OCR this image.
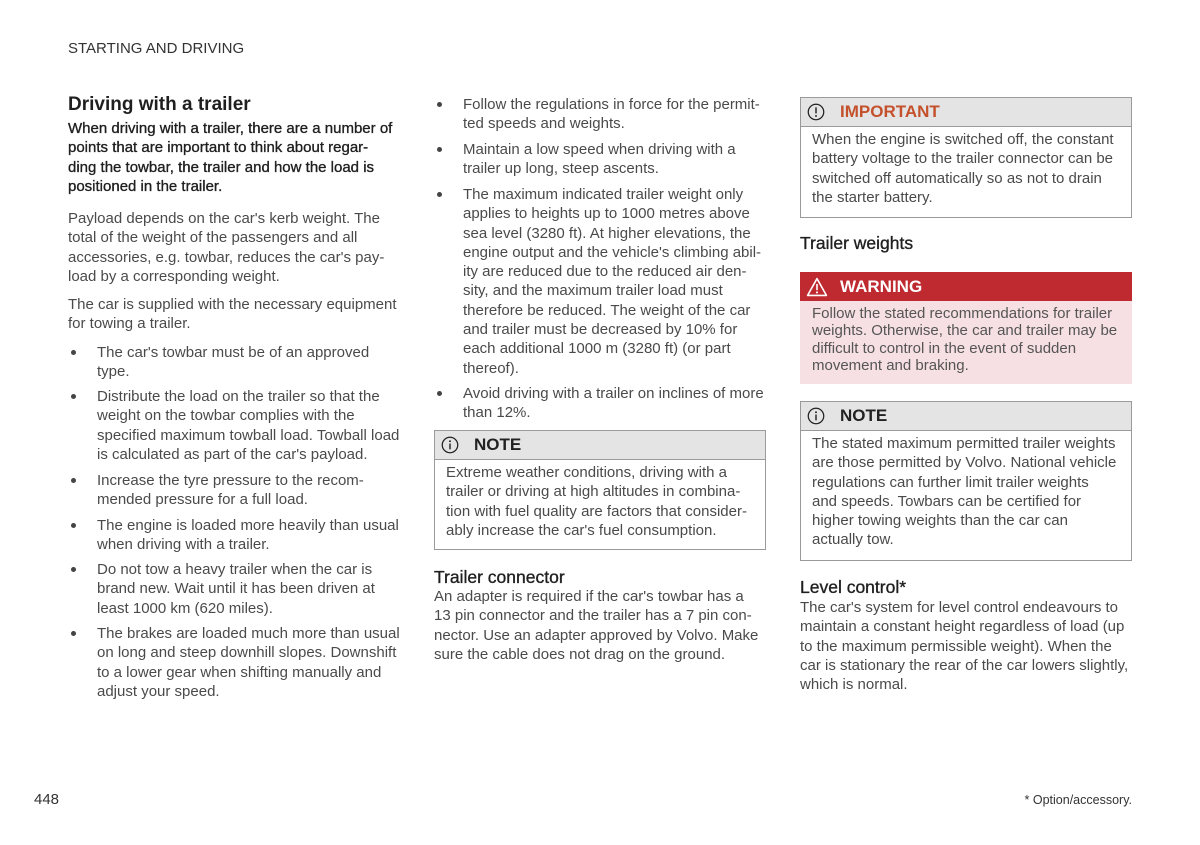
STARTING AND DRIVING
Driving with a trailer
When driving with a trailer, there are a number of
points that are important to think about regar-
ding the towbar, the trailer and how the load is
positioned in the trailer.
Payload depends on the car's kerb weight. The
total of the weight of the passengers and all
accessories, e.g. towbar, reduces the car's pay-
load by a corresponding weight.
The car is supplied with the necessary equipment
for towing a trailer.
The car's towbar must be of an approved
type.
Distribute the load on the trailer so that the
weight on the towbar complies with the
specified maximum towball load. Towball load
is calculated as part of the car's payload.
Increase the tyre pressure to the recom-
mended pressure for a full load.
The engine is loaded more heavily than usual
when driving with a trailer.
Do not tow a heavy trailer when the car is
brand new. Wait until it has been driven at
least 1000 km (620 miles).
The brakes are loaded much more than usual
on long and steep downhill slopes. Downshift
to a lower gear when shifting manually and
adjust your speed.
Follow the regulations in force for the permit-
ted speeds and weights.
Maintain a low speed when driving with a
trailer up long, steep ascents.
The maximum indicated trailer weight only
applies to heights up to 1000 metres above
sea level (3280 ft). At higher elevations, the
engine output and the vehicle's climbing abil-
ity are reduced due to the reduced air den-
sity, and the maximum trailer load must
therefore be reduced. The weight of the car
and trailer must be decreased by 10% for
each additional 1000 m (3280 ft) (or part
thereof).
Avoid driving with a trailer on inclines of more
than 12%.
NOTE
Extreme weather conditions, driving with a
trailer or driving at high altitudes in combina-
tion with fuel quality are factors that consider-
ably increase the car's fuel consumption.
Trailer connector
An adapter is required if the car's towbar has a
13 pin connector and the trailer has a 7 pin con-
nector. Use an adapter approved by Volvo. Make
sure the cable does not drag on the ground.
IMPORTANT
When the engine is switched off, the constant
battery voltage to the trailer connector can be
switched off automatically so as not to drain
the starter battery.
Trailer weights
WARNING
Follow the stated recommendations for trailer
weights. Otherwise, the car and trailer may be
difficult to control in the event of sudden
movement and braking.
NOTE
The stated maximum permitted trailer weights
are those permitted by Volvo. National vehicle
regulations can further limit trailer weights
and speeds. Towbars can be certified for
higher towing weights than the car can
actually tow.
Level control*
The car's system for level control endeavours to
maintain a constant height regardless of load (up
to the maximum permissible weight). When the
car is stationary the rear of the car lowers slightly,
which is normal.
448	* Option/accessory.
